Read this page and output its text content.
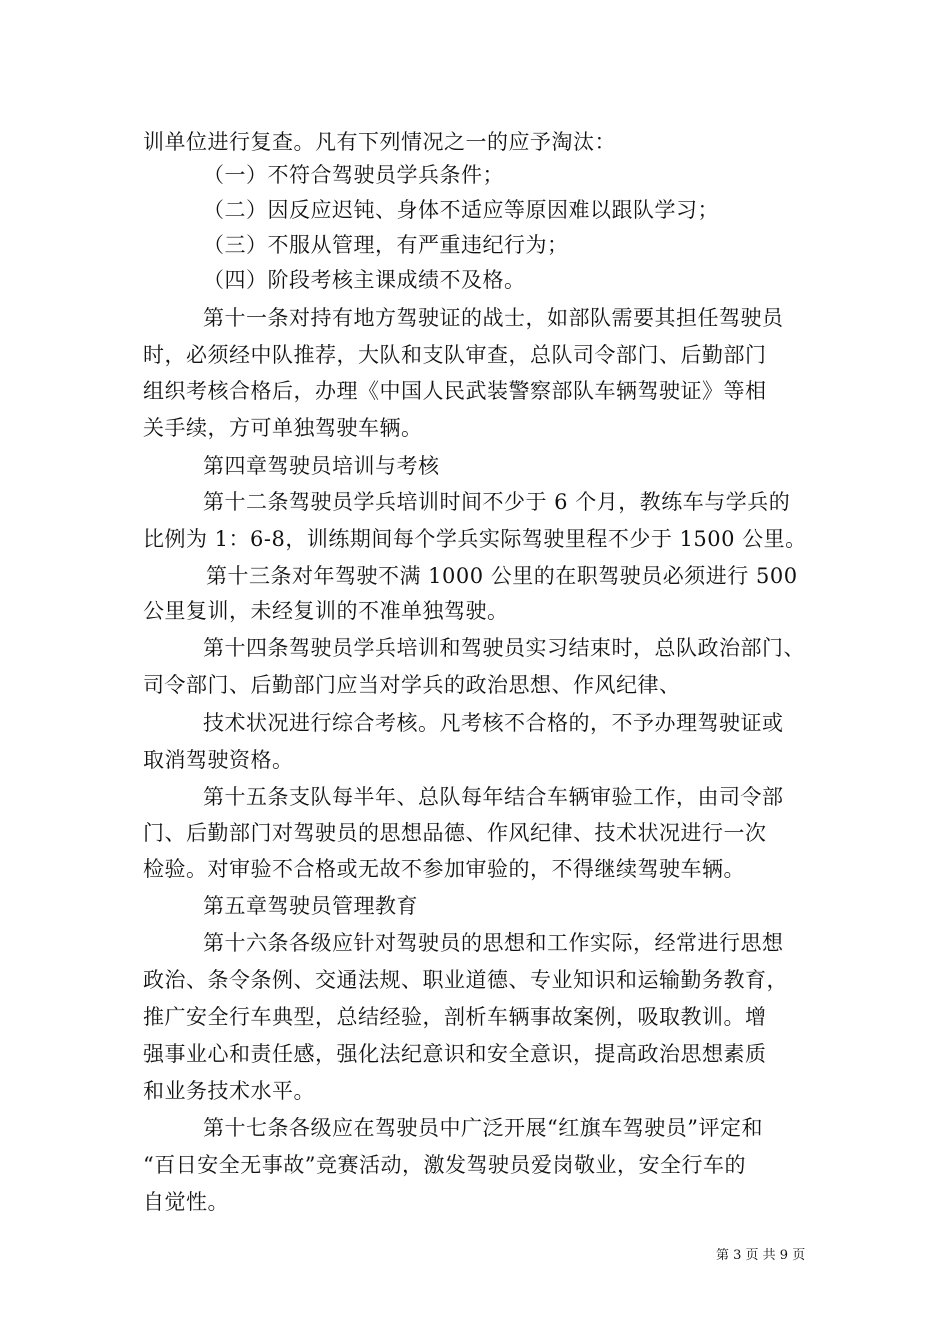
训单位进行复查。凡有下列情况之一的应予淘汰：
（一）不符合驾驶员学兵条件；
（二）因反应迟钝、身体不适应等原因难以跟队学习；
（三）不服从管理，有严重违纪行为；
（四）阶段考核主课成绩不及格。
第十一条对持有地方驾驶证的战士，如部队需要其担任驾驶员
时，必须经中队推荐，大队和支队审查，总队司令部门、后勤部门
组织考核合格后，办理《中国人民武装警察部队车辆驾驶证》等相
关手续，方可单独驾驶车辆。
第四章驾驶员培训与考核
第十二条驾驶员学兵培训时间不少于 6 个月，教练车与学兵的
比例为 1：6-8，训练期间每个学兵实际驾驶里程不少于 1500 公里。
第十三条对年驾驶不满 1000 公里的在职驾驶员必须进行 500
公里复训，未经复训的不准单独驾驶。
第十四条驾驶员学兵培训和驾驶员实习结束时，总队政治部门、
司令部门、后勤部门应当对学兵的政治思想、作风纪律、
技术状况进行综合考核。凡考核不合格的，不予办理驾驶证或
取消驾驶资格。
第十五条支队每半年、总队每年结合车辆审验工作，由司令部
门、后勤部门对驾驶员的思想品德、作风纪律、技术状况进行一次
检验。对审验不合格或无故不参加审验的，不得继续驾驶车辆。
第五章驾驶员管理教育
第十六条各级应针对驾驶员的思想和工作实际，经常进行思想
政治、条令条例、交通法规、职业道德、专业知识和运输勤务教育，
推广安全行车典型，总结经验，剖析车辆事故案例，吸取教训。增
强事业心和责任感，强化法纪意识和安全意识，提高政治思想素质
和业务技术水平。
第十七条各级应在驾驶员中广泛开展“红旗车驾驶员”评定和
“百日安全无事故”竞赛活动，激发驾驶员爱岗敬业，安全行车的
自觉性。
第 3 页 共 9 页
